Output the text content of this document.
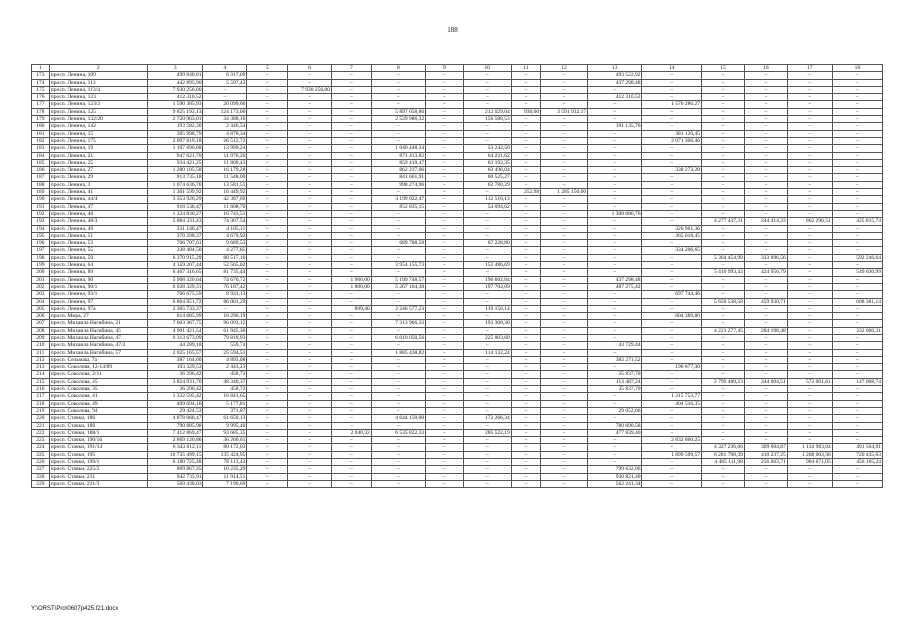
188
1	2	3	4	5	6	7	8	9	10	11	12	13	14	15	16	17	18
173	просп. Ленина, 109	499 840,01	6 317,09	–	–	–	–	–	–	–	–	493 522,92	–	–	–	–	–
174	просп. Ленина, 113	442 895,90	5 597,42	–	–	–	–	–	–	–	–	437 298,48	–	–	–	–	–
175	просп. Ленина, 113/4	7 930 256,00	–	–	7 930 256,00	–	–	–	–	–	–	–	–	–	–	–	–
176	просп. Ленина, 123	412 310,52	–	–	–	–	–	–	–	–	–	412 310,52	–	–	–	–	–
177	просп. Ленина, 123/2	1 590 385,93	20 099,66	–	–	–	–	–	–	–	–	–	1 570 286,27	–	–	–	–
178	просп. Ленина, 125	9 825 193,13	124 173,06	–	–	–	5 897 058,86	–	212 029,04	930,00	3 591 932,17	–	–	–	–	–	–
179	просп. Ленина, 132/20	2 720 963,01	34 388,16	–	–	–	2 529 986,32	–	156 588,53	–	–	–	–	–	–	–	–
180	просп. Ленина, 142	193 582,30	2 446,54	–	–	–	–	–	–	–	–	191 135,76	–	–	–	–	–
181	просп. Ленина, 15	385 998,79	4 878,34	–	–	–	–	–	–	–	–	–	381 120,45	–	–	–	–
182	просп. Ленина, 175	2 097 819,18	26 512,72	–	–	–	–	–	–	–	–	–	2 071 306,46	–	–	–	–
183	просп. Ленина, 19	1 107 690,68	13 999,24	–	–	–	1 040 448,34	–	53 242,50	–	–	–	–	–	–	–	–
184	просп. Ленина, 21	947 621,70	11 976,26	–	–	–	871 413,82	–	64 231,62	–	–	–	–	–	–	–	–
185	просп. Ленина, 25	934 421,25	11 809,43	–	–	–	859 419,47	–	63 192,35	–	–	–	–	–	–	–	–
186	просп. Ленина, 27	1 280 185,58	16 179,28	–	–	–	862 237,06	–	63 496,04	–	–	–	338 273,20	–	–	–	–
187	просп. Ленина, 29	913 735,18	11 548,00	–	–	–	841 661,91	–	60 525,27	–	–	–	–	–	–	–	–
188	просп. Ленина, 3	1 074 636,76	13 581,51	–	–	–	998 274,96	–	62 780,29	–	–	–	–	–	–	–	–
189	просп. Ленина, 41	1 301 599,92	16 449,92	–	–	–	–	–	–	252,98	1 285 150,00	–	–	–	–	–	–
190	просп. Ленина, 44/4	3 353 926,29	42 387,69	–	–	–	3 199 022,47	–	112 516,13	–	–	–	–	–	–	–	–
191	просп. Ленина, 47	918 538,47	11 608,70	–	–	–	852 835,15	–	54 094,62	–	–	–	–	–	–	–	–
192	просп. Ленина, 48	1 324 830,27	16 743,51	–	–	–	–	–	–	–	–	1 308 086,76	–	–	–	–	–
193	просп. Ленина, 48/3	5 884 331,43	74 367,54	–	–	–	–	–	–	–	–	–	–	4 277 437,31	244 414,33	862 296,51	425 815,74
194	просп. Ленина, 49	331 146,47	4 185,11	–	–	–	–	–	–	–	–	–	326 961,36	–	–	–	–
195	просп. Ленина, 51	370 298,37	4 679,92	–	–	–	–	–	–	–	–	–	365 618,45	–	–	–	–
196	просп. Ленина, 53	766 707,61	9 689,53	–	–	–	689 788,58	–	67 228,80	–	–	–	–	–	–	–	–
197	просп. Ленина, 55	338 484,50	4 277,85	–	–	–	–	–	–	–	–	–	334 206,65	–	–	–	–
198	просп. Ленина, 59	6 370 915,29	80 517,10	–	–	–	–	–	–	–	–	–	–	5 364 454,99	333 696,56	–	592 246,64
199	просп. Ленина, 64	4 159 207,44	52 565,02	–	–	–	3 954 155,73	–	152 486,69	–	–	–	–	–	–	–	–
200	просп. Ленина, 89	6 467 316,65	81 735,44	–	–	–	–	–	–	–	–	–	–	5 410 993,43	424 956,79	–	549 630,99
201	просп. Ленина, 90	5 908 320,64	74 670,72	–	–	1 900,00	5 199 748,57	–	196 602,84	–	–	437 298,48	–	–	–	–	–
202	просп. Ленина, 90/1	6 028 329,31	76 187,42	–	–	1 800,00	5 267 164,38	–	197 702,09	–	–	487 275,42	–	–	–	–	–
203	просп. Ленина, 93/1	706 675,59	8 931,13	–	–	–	–	–	–	–	–	–	697 744,46	–	–	–	–
204	просп. Ленина, 97	6 804 851,72	86 001,29	–	–	–	–	–	–	–	–	–	–	5 650 538,58	459 930,71	–	608 381,14
205	просп. Ленина, 97а	2 365 733,37	–	–	–	899,40	2 246 577,23	–	119 156,14	–	–	–	–	–	–	–	–
206	просп. Мира, 27	814 685,99	10 296,19	–	–	–	–	–	–	–	–	–	804 389,80	–	–	–	–
207	просп. Михаила Нагибина, 21	7 603 367,75	96 093,12	–	–	–	7 313 966,33	–	193 308,30	–	–	–	–	–	–	–	–
208	просп. Михаила Нагибина, 45	4 901 421,54	61 945,30	–	–	–	–	–	–	–	–	–	–	4 223 277,45	284 198,48	–	332 000,31
209	просп. Михаила Нагибина, 47	6 313 673,09	79 818,93	–	–	–	6 010 050,56	–	225 803,60	–	–	–	–	–	–	–	–
210	просп. Михаила Нагибина, 47/2	44 289,18	559,74	–	–	–	–	–	–	–	–	43 729,44	–	–	–	–	–
211	просп. Михаила Нагибина, 57	2 025 165,57	25 594,51	–	–	–	1 885 438,82	–	114 132,24	–	–	–	–	–	–	–	–
212	просп. Сельмаш, 7а	387 164,60	4 893,08	–	–	–	–	–	–	–	–	382 271,52	–	–	–	–	–
213	просп. Соколова, 12-14/89	193 329,53	2 443,23	–	–	–	–	–	–	–	–	–	190 877,30	–	–	–	–
214	просп. Соколова, 2/11	36 296,42	458,72	–	–	–	–	–	–	–	–	35 837,70	–	–	–	–	–
215	просп. Соколова, 25	3 824 931,70	48 340,37	–	–	–	–	–	–	–	–	113 487,24	–	2 799 489,23	344 604,51	572 001,61	147 008,74
216	просп. Соколова, 35	36 296,42	458,72	–	–	–	–	–	–	–	–	35 837,70	–	–	–	–	–
217	просп. Соколова, 41	1 332 595,42	16 841,65	–	–	–	–	–	–	–	–	–	1 315 753,77	–	–	–	–
218	просп. Соколова, 49	409 694,16	5 177,81	–	–	–	–	–	–	–	–	–	404 516,35	–	–	–	–
219	просп. Соколова, 94	29 424,53	371,87	–	–	–	–	–	–	–	–	29 052,66	–	–	–	–	–
220	просп. Стачки, 186	4 878 066,47	61 650,13	–	–	–	4 644 150,00	–	172 266,34	–	–	–	–	–	–	–	–
221	просп. Стачки, 188	790 885,98	9 995,40	–	–	–	–	–	–	–	–	780 890,58	–	–	–	–	–
222	просп. Стачки, 188/1	7 412 869,47	93 685,35	–	–	2 040,32	6 535 822,33	–	285 522,19	–	–	477 839,40	–	–	–	–	–
223	просп. Стачки, 190/16	2 869 120,86	36 260,61	–	–	–	–	–	–	–	–	–	2 832 860,25	–	–	–	–
224	просп. Стачки, 191/14	6 343 612,11	80 172,03	–	–	–	–	–	–	–	–	–	–	4 327 236,66	309 604,87	1 134 983,04	491 564,91
225	просп. Стачки, 195	10 735 499,15	135 424,95	–	–	–	–	–	–	–	–	–	1 899 599,57	6 281 798,39	410 237,25	1 268 003,36	720 435,63
226	просп. Стачки, 199/1	6 180 725,48	78 113,43	–	–	–	–	–	–	–	–	–	–	4 485 111,98	256 663,71	904 671,05	456 165,24
227	просп. Стачки, 225/2	809 867,35	10 235,29	–	–	–	–	–	–	–	–	799 632,06	–	–	–	–	–
228	просп. Стачки, 231	942 735,91	11 914,51	–	–	–	–	–	–	–	–	930 821,40	–	–	–	–	–
229	просп. Стачки, 231/3	569 438,03	7 196,69	–	–	–	–	–	–	–	–	562 241,34	–	–	–	–	–
Y:\ORST\Pro\0607p425.f21.docx
